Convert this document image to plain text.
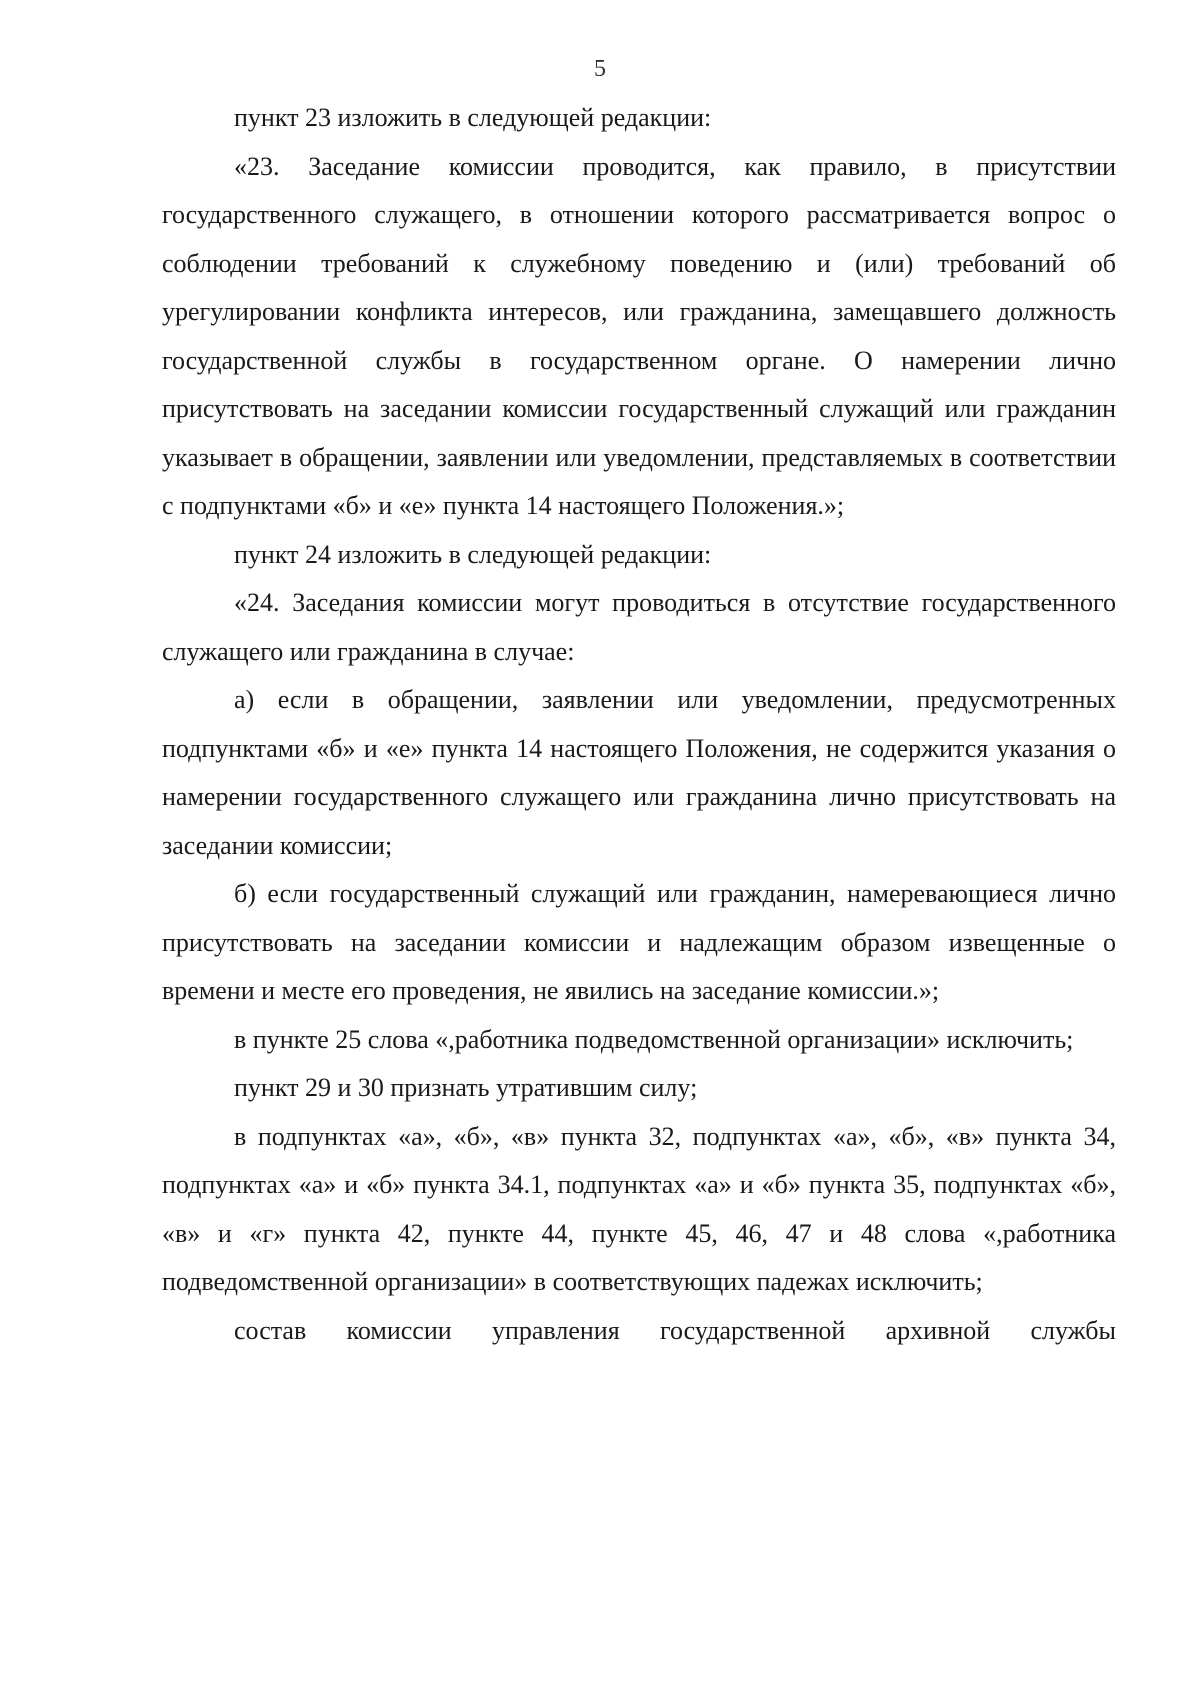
5

пункт 23 изложить в следующей редакции:

«23. Заседание комиссии проводится, как правило, в присутствии государственного служащего, в отношении которого рассматривается вопрос о соблюдении требований к служебному поведению и (или) требований об урегулировании конфликта интересов, или гражданина, замещавшего должность государственной службы в государственном органе. О намерении лично присутствовать на заседании комиссии государственный служащий или гражданин указывает в обращении, заявлении или уведомлении, представляемых в соответствии с подпунктами «б» и «е» пункта 14 настоящего Положения.»;

пункт 24 изложить в следующей редакции:

«24. Заседания комиссии могут проводиться в отсутствие государственного служащего или гражданина в случае:

а) если в обращении, заявлении или уведомлении, предусмотренных подпунктами «б» и «е» пункта 14 настоящего Положения, не содержится указания о намерении государственного служащего или гражданина лично присутствовать на заседании комиссии;

б) если государственный служащий или гражданин, намеревающиеся лично присутствовать на заседании комиссии и надлежащим образом извещенные о времени и месте его проведения, не явились на заседание комиссии.»;

в пункте 25 слова «,работника подведомственной организации» исключить;

пункт 29 и 30 признать утратившим силу;

в подпунктах «а», «б», «в» пункта 32, подпунктах «а», «б», «в» пункта 34, подпунктах «а» и «б» пункта 34.1, подпунктах «а» и «б» пункта 35, подпунктах «б», «в» и «г» пункта 42, пункте 44, пункте 45, 46, 47 и 48 слова «,работника подведомственной организации» в соответствующих падежах исключить;

состав комиссии управления государственной архивной службы
